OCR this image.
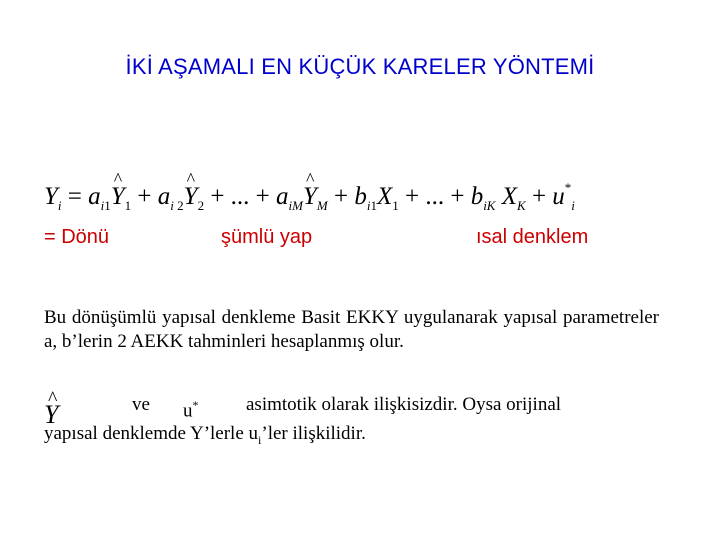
İKİ AŞAMALI EN KÜÇÜK KARELER YÖNTEMİ
$Y_i$ = $a_{i1}\^{}$ $Y_1$ + $a_{i 2}\^{}$ $Y_2$ + ... + $a_{iM}\^{}$ $Y_M + b_{i1}X_1$ + ... + $b_{iK}$ $X_K + u^*_i$
= Dönü	şümlü yap	ısal denklem
Bu dönüşümlü yapısal denkleme Basit EKKY uygulanarak yapısal parametreler a, b’lerin 2 AEKK tahminleri hesaplanmış olur.
^ Y	ve u*	asimtotik olarak ilişkisizdir. Oysa orijinal
yapısal denklemde Y’lerle $u_i’ler$ ilişkilidir.
